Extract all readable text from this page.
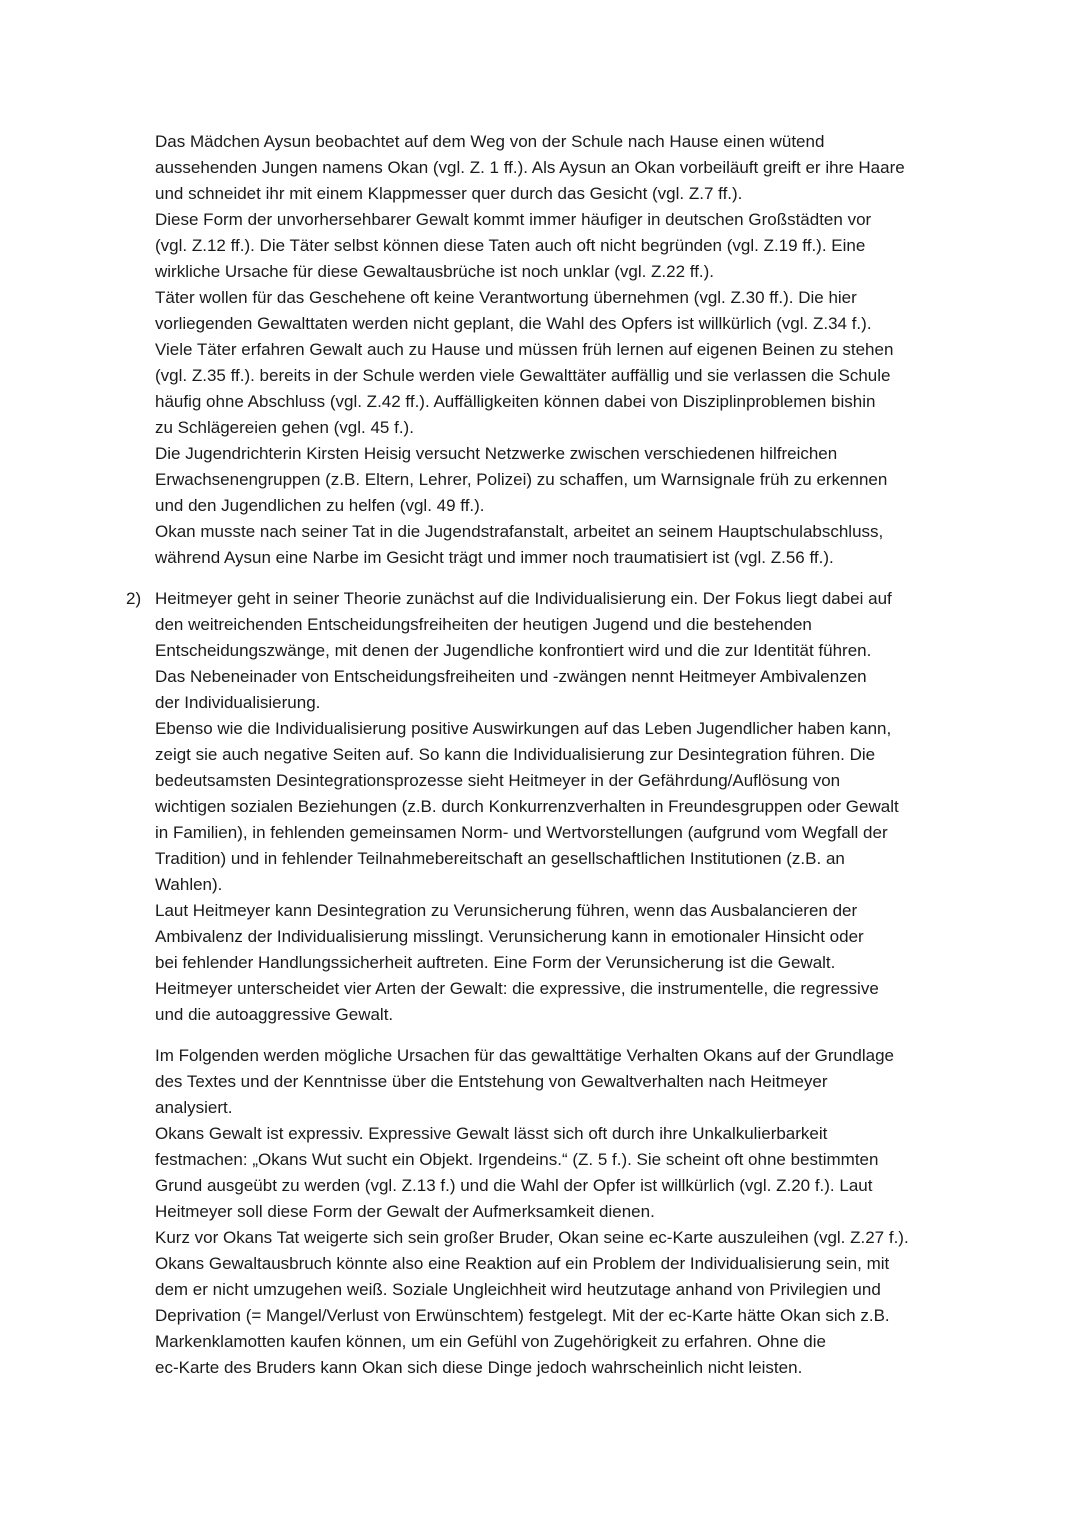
Das Mädchen Aysun beobachtet auf dem Weg von der Schule nach Hause einen wütend
aussehenden Jungen namens Okan (vgl. Z. 1 ff.). Als Aysun an Okan vorbeiläuft greift er ihre Haare
und schneidet ihr mit einem Klappmesser quer durch das Gesicht (vgl. Z.7 ff.).
Diese Form der unvorhersehbarer Gewalt kommt immer häufiger in deutschen Großstädten vor
(vgl. Z.12 ff.). Die Täter selbst können diese Taten auch oft nicht begründen (vgl. Z.19 ff.). Eine
wirkliche Ursache für diese Gewaltausbrüche ist noch unklar (vgl. Z.22 ff.).
Täter wollen für das Geschehene oft keine Verantwortung übernehmen (vgl. Z.30 ff.). Die hier
vorliegenden Gewalttaten werden nicht geplant, die Wahl des Opfers ist willkürlich (vgl. Z.34 f.).
Viele Täter erfahren Gewalt auch zu Hause und müssen früh lernen auf eigenen Beinen zu stehen
(vgl. Z.35 ff.). bereits in der Schule werden viele Gewalttäter auffällig und sie verlassen die Schule
häufig ohne Abschluss (vgl. Z.42 ff.). Auffälligkeiten können dabei von Disziplinproblemen bishin
zu Schlägereien gehen (vgl. 45 f.).
Die Jugendrichterin Kirsten Heisig versucht Netzwerke zwischen verschiedenen hilfreichen
Erwachsenengruppen (z.B. Eltern, Lehrer, Polizei) zu schaffen, um Warnsignale früh zu erkennen
und den Jugendlichen zu helfen (vgl. 49 ff.).
Okan musste nach seiner Tat in die Jugendstrafanstalt, arbeitet an seinem Hauptschulabschluss,
während Aysun eine Narbe im Gesicht trägt und immer noch traumatisiert ist (vgl. Z.56 ff.).
2) Heitmeyer geht in seiner Theorie zunächst auf die Individualisierung ein. Der Fokus liegt dabei auf
den weitreichenden Entscheidungsfreiheiten der heutigen Jugend und die bestehenden
Entscheidungszwänge, mit denen der Jugendliche konfrontiert wird und die zur Identität führen.
Das Nebeneinader von Entscheidungsfreiheiten und -zwängen nennt Heitmeyer Ambivalenzen
der Individualisierung.
Ebenso wie die Individualisierung positive Auswirkungen auf das Leben Jugendlicher haben kann,
zeigt sie auch negative Seiten auf. So kann die Individualisierung zur Desintegration führen. Die
bedeutsamsten Desintegrationsprozesse sieht Heitmeyer in der Gefährdung/Auflösung von
wichtigen sozialen Beziehungen (z.B. durch Konkurrenzverhalten in Freundesgruppen oder Gewalt
in Familien), in fehlenden gemeinsamen Norm- und Wertvorstellungen (aufgrund vom Wegfall der
Tradition) und in fehlender Teilnahmebereitschaft an gesellschaftlichen Institutionen (z.B. an
Wahlen).
Laut Heitmeyer kann Desintegration zu Verunsicherung führen, wenn das Ausbalancieren der
Ambivalenz der Individualisierung misslingt. Verunsicherung kann in emotionaler Hinsicht oder
bei fehlender Handlungssicherheit auftreten. Eine Form der Verunsicherung ist die Gewalt.
Heitmeyer unterscheidet vier Arten der Gewalt: die expressive, die instrumentelle, die regressive
und die autoaggressive Gewalt.
Im Folgenden werden mögliche Ursachen für das gewalttätige Verhalten Okans auf der Grundlage
des Textes und der Kenntnisse über die Entstehung von Gewaltverhalten nach Heitmeyer
analysiert.
Okans Gewalt ist expressiv. Expressive Gewalt lässt sich oft durch ihre Unkalkulierbarkeit
festmachen: „Okans Wut sucht ein Objekt. Irgendeins.“ (Z. 5 f.). Sie scheint oft ohne bestimmten
Grund ausgeübt zu werden (vgl. Z.13 f.) und die Wahl der Opfer ist willkürlich (vgl. Z.20 f.). Laut
Heitmeyer soll diese Form der Gewalt der Aufmerksamkeit dienen.
Kurz vor Okans Tat weigerte sich sein großer Bruder, Okan seine ec-Karte auszuleihen (vgl. Z.27 f.).
Okans Gewaltausbruch könnte also eine Reaktion auf ein Problem der Individualisierung sein, mit
dem er nicht umzugehen weiß. Soziale Ungleichheit wird heutzutage anhand von Privilegien und
Deprivation (= Mangel/Verlust von Erwünschtem) festgelegt. Mit der ec-Karte hätte Okan sich z.B.
Markenklamotten kaufen können, um ein Gefühl von Zugehörigkeit zu erfahren. Ohne die
ec-Karte des Bruders kann Okan sich diese Dinge jedoch wahrscheinlich nicht leisten.
